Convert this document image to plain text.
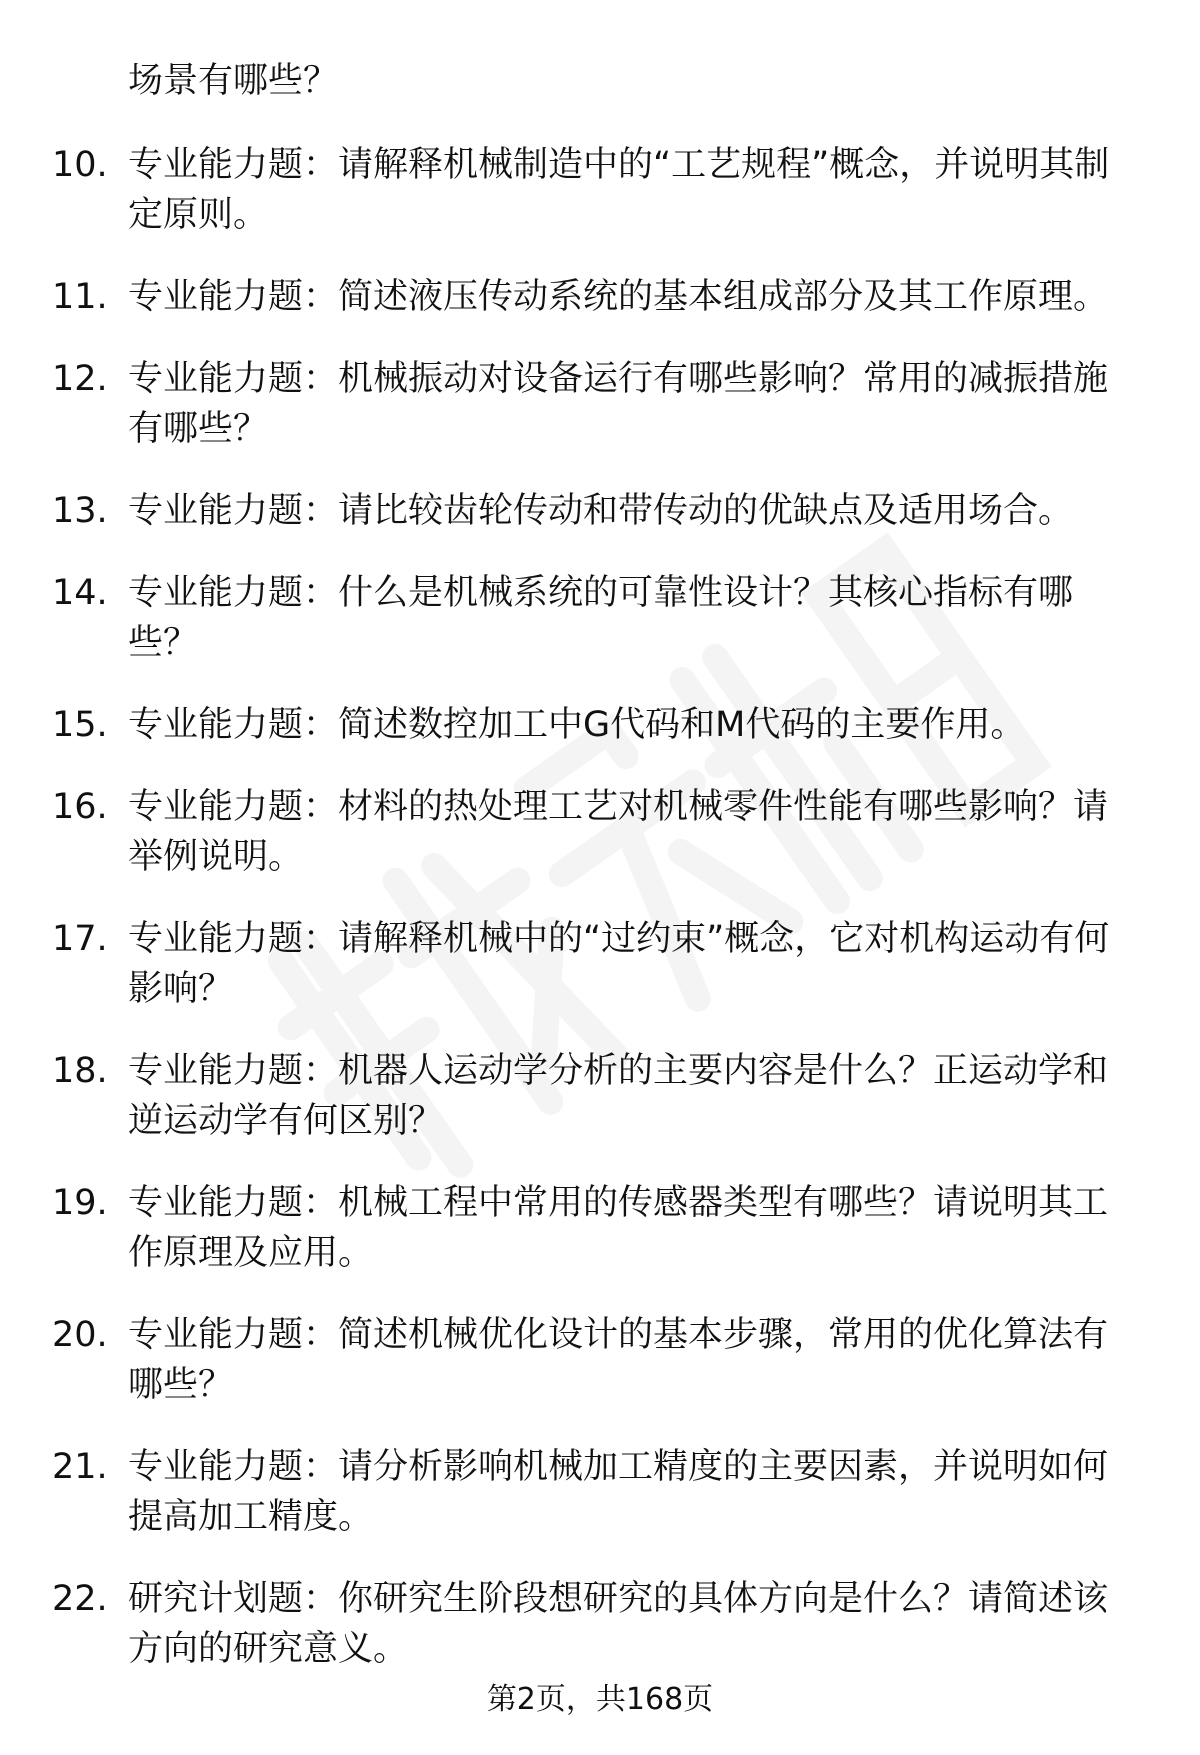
场景有哪些？
10. 专业能力题：请解释机械制造中的“工艺规程”概念，并说明其制定原则。
11. 专业能力题：简述液压传动系统的基本组成部分及其工作原理。
12. 专业能力题：机械振动对设备运行有哪些影响？常用的减振措施有哪些？
13. 专业能力题：请比较齿轮传动和带传动的优缺点及适用场合。
14. 专业能力题：什么是机械系统的可靠性设计？其核心指标有哪些？
15. 专业能力题：简述数控加工中G代码和M代码的主要作用。
16. 专业能力题：材料的热处理工艺对机械零件性能有哪些影响？请举例说明。
17. 专业能力题：请解释机械中的“过约束”概念，它对机构运动有何影响？
18. 专业能力题：机器人运动学分析的主要内容是什么？正运动学和逆运动学有何区别？
19. 专业能力题：机械工程中常用的传感器类型有哪些？请说明其工作原理及应用。
20. 专业能力题：简述机械优化设计的基本步骤，常用的优化算法有哪些？
21. 专业能力题：请分析影响机械加工精度的主要因素，并说明如何提高加工精度。
22. 研究计划题：你研究生阶段想研究的具体方向是什么？请简述该方向的研究意义。
第2页，共168页
